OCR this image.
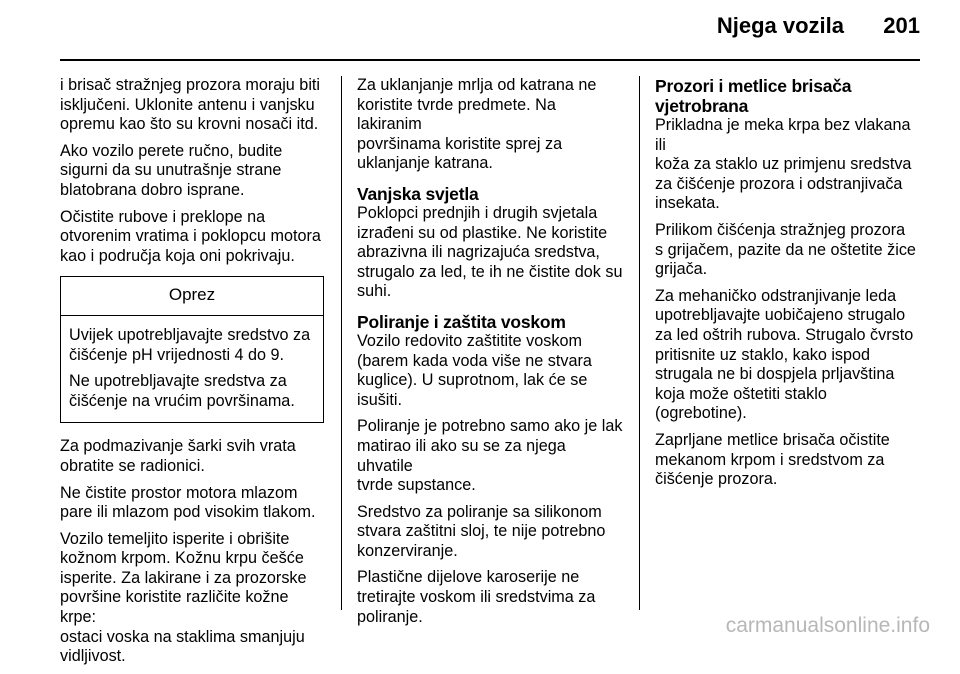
Njega vozila	201

i brisač stražnjeg prozora moraju biti
isključeni. Uklonite antenu i vanjsku
opremu kao što su krovni nosači itd.

Ako vozilo perete ručno, budite
sigurni da su unutrašnje strane
blatobrana dobro isprane.

Očistite rubove i preklope na
otvorenim vratima i poklopcu motora
kao i područja koja oni pokrivaju.

Oprez

Uvijek upotrebljavajte sredstvo za
čišćenje pH vrijednosti 4 do 9.

Ne upotrebljavajte sredstva za
čišćenje na vrućim površinama.

Za podmazivanje šarki svih vrata
obratite se radionici.

Ne čistite prostor motora mlazom
pare ili mlazom pod visokim tlakom.

Vozilo temeljito isperite i obrišite
kožnom krpom. Kožnu krpu češće
isperite. Za lakirane i za prozorske
površine koristite različite kožne krpe:
ostaci voska na staklima smanjuju
vidljivost.

Za uklanjanje mrlja od katrana ne
koristite tvrde predmete. Na lakiranim
površinama koristite sprej za
uklanjanje katrana.

Vanjska svjetla

Poklopci prednjih i drugih svjetala
izrađeni su od plastike. Ne koristite
abrazivna ili nagrizajuća sredstva,
strugalo za led, te ih ne čistite dok su
suhi.

Poliranje i zaštita voskom

Vozilo redovito zaštitite voskom
(barem kada voda više ne stvara
kuglice). U suprotnom, lak će se
isušiti.

Poliranje je potrebno samo ako je lak
matirao ili ako su se za njega uhvatile
tvrde supstance.

Sredstvo za poliranje sa silikonom
stvara zaštitni sloj, te nije potrebno
konzerviranje.

Plastične dijelove karoserije ne
tretirajte voskom ili sredstvima za
poliranje.

Prozori i metlice brisača
vjetrobrana

Prikladna je meka krpa bez vlakana ili
koža za staklo uz primjenu sredstva
za čišćenje prozora i odstranjivača
insekata.

Prilikom čišćenja stražnjeg prozora
s grijačem, pazite da ne oštetite žice
grijača.

Za mehaničko odstranjivanje leda
upotrebljavajte uobičajeno strugalo
za led oštrih rubova. Strugalo čvrsto
pritisnite uz staklo, kako ispod
strugala ne bi dospjela prljavština
koja može oštetiti staklo (ogrebotine).

Zaprljane metlice brisača očistite
mekanom krpom i sredstvom za
čišćenje prozora.

carmanualsonline.info
